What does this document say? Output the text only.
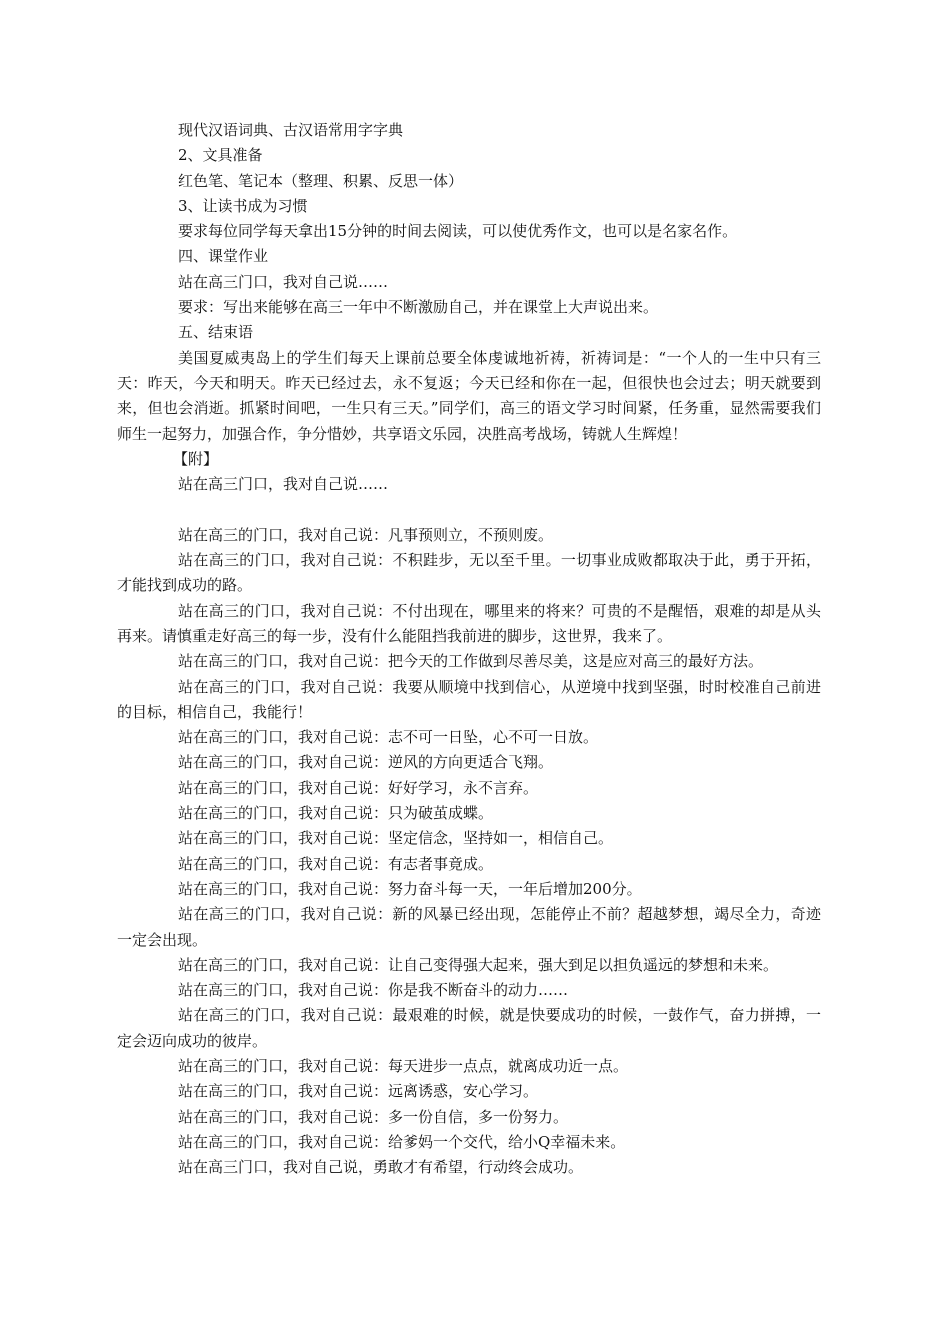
现代汉语词典、古汉语常用字字典

2、文具准备

红色笔、笔记本（整理、积累、反思一体）

3、让读书成为习惯

要求每位同学每天拿出15分钟的时间去阅读，可以使优秀作文，也可以是名家名作。

四、课堂作业

站在高三门口，我对自己说……

要求：写出来能够在高三一年中不断激励自己，并在课堂上大声说出来。

五、结束语

美国夏威夷岛上的学生们每天上课前总要全体虔诚地祈祷，祈祷词是：“一个人的一生中只有三天：昨天，今天和明天。昨天已经过去，永不复返；今天已经和你在一起，但很快也会过去；明天就要到来，但也会消逝。抓紧时间吧，一生只有三天。”同学们，高三的语文学习时间紧，任务重，显然需要我们师生一起努力，加强合作，争分惜妙，共享语文乐园，决胜高考战场，铸就人生辉煌！

【附】

站在高三门口，我对自己说……

站在高三的门口，我对自己说：凡事预则立，不预则废。

站在高三的门口，我对自己说：不积跬步，无以至千里。一切事业成败都取决于此，勇于开拓，才能找到成功的路。

站在高三的门口，我对自己说：不付出现在，哪里来的将来？可贵的不是醒悟，艰难的却是从头再来。请慎重走好高三的每一步，没有什么能阻挡我前进的脚步，这世界，我来了。

站在高三的门口，我对自己说：把今天的工作做到尽善尽美，这是应对高三的最好方法。

站在高三的门口，我对自己说：我要从顺境中找到信心，从逆境中找到坚强，时时校准自己前进的目标，相信自己，我能行！

站在高三的门口，我对自己说：志不可一日坠，心不可一日放。

站在高三的门口，我对自己说：逆风的方向更适合飞翔。

站在高三的门口，我对自己说：好好学习，永不言弃。

站在高三的门口，我对自己说：只为破茧成蝶。

站在高三的门口，我对自己说：坚定信念，坚持如一，相信自己。

站在高三的门口，我对自己说：有志者事竟成。

站在高三的门口，我对自己说：努力奋斗每一天，一年后增加200分。

站在高三的门口，我对自己说：新的风暴已经出现，怎能停止不前？超越梦想，竭尽全力，奇迹一定会出现。

站在高三的门口，我对自己说：让自己变得强大起来，强大到足以担负遥远的梦想和未来。

站在高三的门口，我对自己说：你是我不断奋斗的动力……

站在高三的门口，我对自己说：最艰难的时候，就是快要成功的时候，一鼓作气，奋力拼搏，一定会迈向成功的彼岸。

站在高三的门口，我对自己说：每天进步一点点，就离成功近一点。

站在高三的门口，我对自己说：远离诱惑，安心学习。

站在高三的门口，我对自己说：多一份自信，多一份努力。

站在高三的门口，我对自己说：给爹妈一个交代，给小Q幸福未来。

站在高三门口，我对自己说，勇敢才有希望，行动终会成功。
